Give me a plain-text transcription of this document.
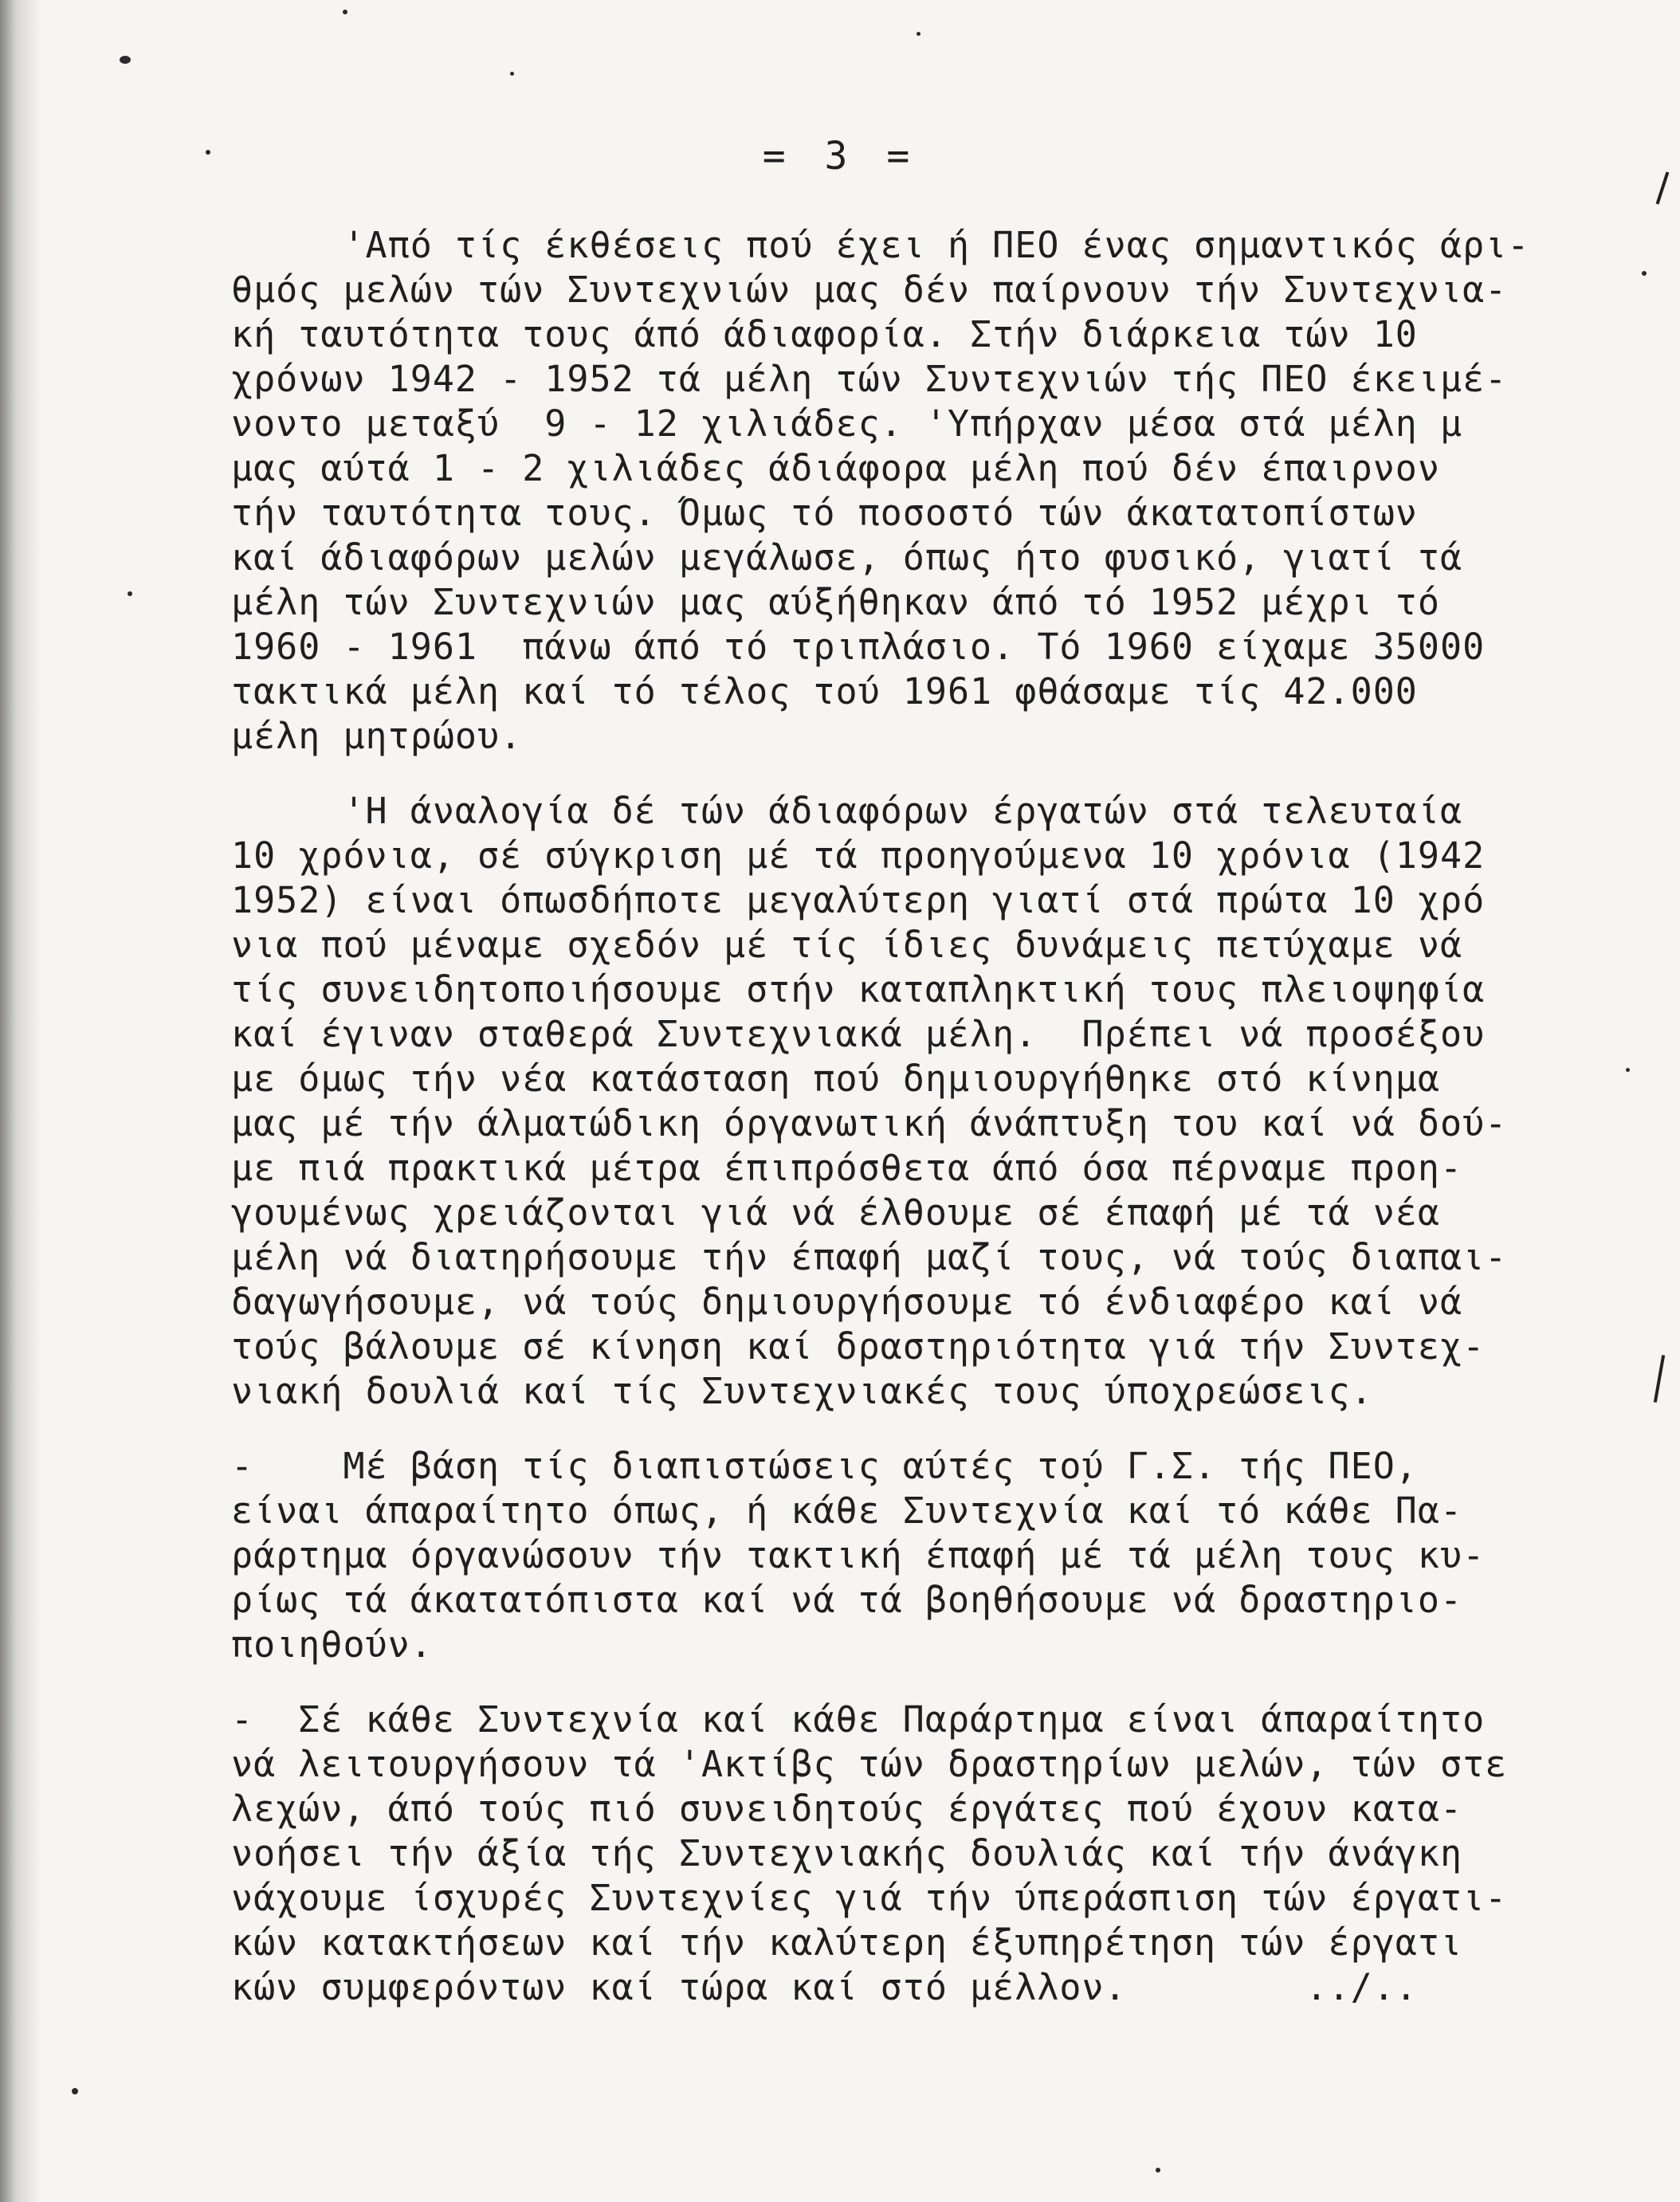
= 3 =
'Από τίς έκθέσεις πού έχει ή ΠΕΟ ένας σημαντικός άρι-
θμός μελών τών Συντεχνιών μας δέν παίρνουν τήν Συντεχνια-
κή ταυτότητα τους άπό άδιαφορία. Στήν διάρκεια τών 10
χρόνων 1942 - 1952 τά μέλη τών Συντεχνιών τής ΠΕΟ έκειμέ-
νοντο μεταξύ  9 - 12 χιλιάδες. 'Υπήρχαν μέσα στά μέλη μ
μας αύτά 1 - 2 χιλιάδες άδιάφορα μέλη πού δέν έπαιρνον
τήν ταυτότητα τους. Όμως τό ποσοστό τών άκατατοπίστων
καί άδιαφόρων μελών μεγάλωσε, όπως ήτο φυσικό, γιατί τά
μέλη τών Συντεχνιών μας αύξήθηκαν άπό τό 1952 μέχρι τό
1960 - 1961  πάνω άπό τό τριπλάσιο. Τό 1960 είχαμε 35000
τακτικά μέλη καί τό τέλος τού 1961 φθάσαμε τίς 42.000
μέλη μητρώου.
'Η άναλογία δέ τών άδιαφόρων έργατών στά τελευταία
10 χρόνια, σέ σύγκριση μέ τά προηγούμενα 10 χρόνια (1942
1952) είναι όπωσδήποτε μεγαλύτερη γιατί στά πρώτα 10 χρό
νια πού μέναμε σχεδόν μέ τίς ίδιες δυνάμεις πετύχαμε νά
τίς συνειδητοποιήσουμε στήν καταπληκτική τους πλειοψηφία
καί έγιναν σταθερά Συντεχνιακά μέλη.  Πρέπει νά προσέξου
με όμως τήν νέα κατάσταση πού δημιουργήθηκε στό κίνημα
μας μέ τήν άλματώδικη όργανωτική άνάπτυξη του καί νά δού-
με πιά πρακτικά μέτρα έπιπρόσθετα άπό όσα πέρναμε προη-
γουμένως χρειάζονται γιά νά έλθουμε σέ έπαφή μέ τά νέα
μέλη νά διατηρήσουμε τήν έπαφή μαζί τους, νά τούς διαπαι-
δαγωγήσουμε, νά τούς δημιουργήσουμε τό ένδιαφέρο καί νά
τούς βάλουμε σέ κίνηση καί δραστηριότητα γιά τήν Συντεχ-
νιακή δουλιά καί τίς Συντεχνιακές τους ύποχρεώσεις.
-    Μέ βάση τίς διαπιστώσεις αύτές τού Γ.Σ. τής ΠΕΟ,
είναι άπαραίτητο όπως, ή κάθε Συντεχνία καί τό κάθε Πα-
ράρτημα όργανώσουν τήν τακτική έπαφή μέ τά μέλη τους κυ-
ρίως τά άκατατόπιστα καί νά τά βοηθήσουμε νά δραστηριο-
ποιηθούν.
-  Σέ κάθε Συντεχνία καί κάθε Παράρτημα είναι άπαραίτητο
νά λειτουργήσουν τά 'Ακτίβς τών δραστηρίων μελών, τών στε
λεχών, άπό τούς πιό συνειδητούς έργάτες πού έχουν κατα-
νοήσει τήν άξία τής Συντεχνιακής δουλιάς καί τήν άνάγκη
νάχουμε ίσχυρές Συντεχνίες γιά τήν ύπεράσπιση τών έργατι-
κών κατακτήσεων καί τήν καλύτερη έξυπηρέτηση τών έργατι
κών συμφερόντων καί τώρα καί στό μέλλον.        ../..
